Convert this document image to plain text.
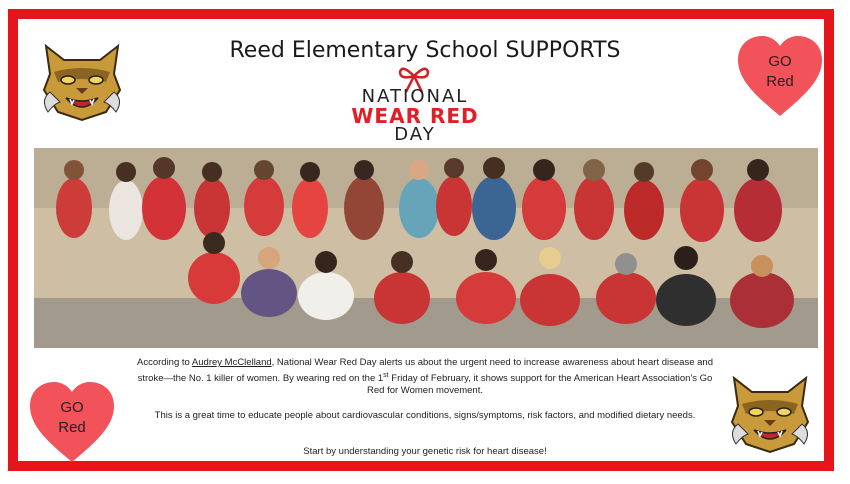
Reed Elementary School SUPPORTS
NATIONAL
WEAR RED
DAY
GO
Red
According to Audrey McClelland, National Wear Red Day alerts us about the urgent need to increase awareness about heart disease and stroke—the No. 1 killer of women. By wearing red on the 1st Friday of February, it shows support for the American Heart Association's Go Red for Women movement.
This is a great time to educate people about cardiovascular conditions, signs/symptoms, risk factors, and modified dietary needs.
Start by understanding your genetic risk for heart disease!
GO
Red
